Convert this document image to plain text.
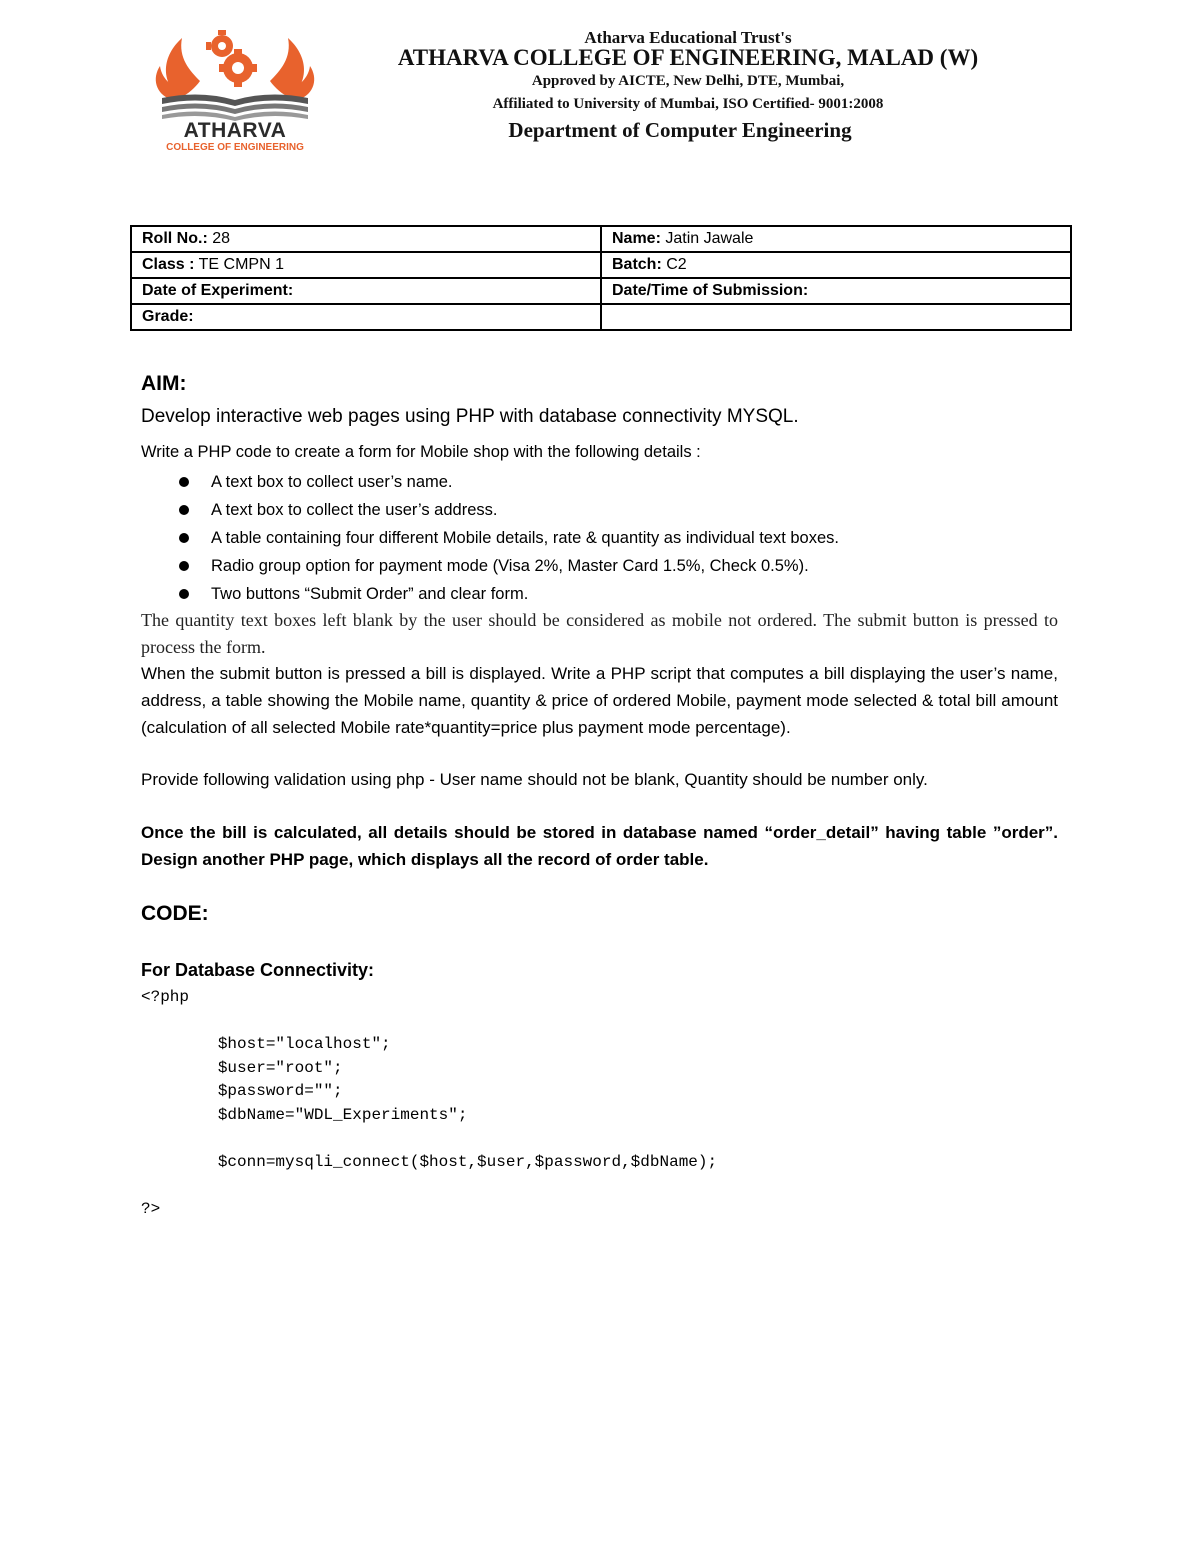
ATHARVA
COLLEGE OF ENGINEERING
Atharva Educational Trust's
ATHARVA COLLEGE OF ENGINEERING, MALAD (W)
Approved by AICTE, New Delhi, DTE, Mumbai,
Affiliated to University of Mumbai, ISO Certified- 9001:2008
Department of Computer Engineering
Roll No.: 28	Name: Jatin Jawale
Class : TE CMPN 1	Batch: C2
Date of Experiment:	Date/Time of Submission:
Grade:	
AIM:
Develop interactive web pages using PHP with database connectivity MYSQL.
Write a PHP code to create a form for Mobile shop with the following details :
A text box to collect user’s name.
A text box to collect the user’s address.
A table containing four different Mobile details, rate & quantity as individual text boxes.
Radio group option for payment mode (Visa 2%, Master Card 1.5%, Check 0.5%).
Two buttons “Submit Order” and clear form.
The quantity text boxes left blank by the user should be considered as mobile not ordered. The submit button is pressed to process the form.
When the submit button is pressed a bill is displayed. Write a PHP script that computes a bill displaying the user’s name, address, a table showing the Mobile name, quantity & price of ordered Mobile, payment mode selected & total bill amount (calculation of all selected Mobile rate*quantity=price plus payment mode percentage).
Provide following validation using php - User name should not be blank, Quantity should be number only.
Once the bill is calculated, all details should be stored in database named “order_detail” having table ”order”. Design another PHP page, which displays all the record of order table.
CODE:
For Database Connectivity:
<?php

	$host="localhost";
	$user="root";
	$password="";
	$dbName="WDL_Experiments";

	$conn=mysqli_connect($host,$user,$password,$dbName);

?>
